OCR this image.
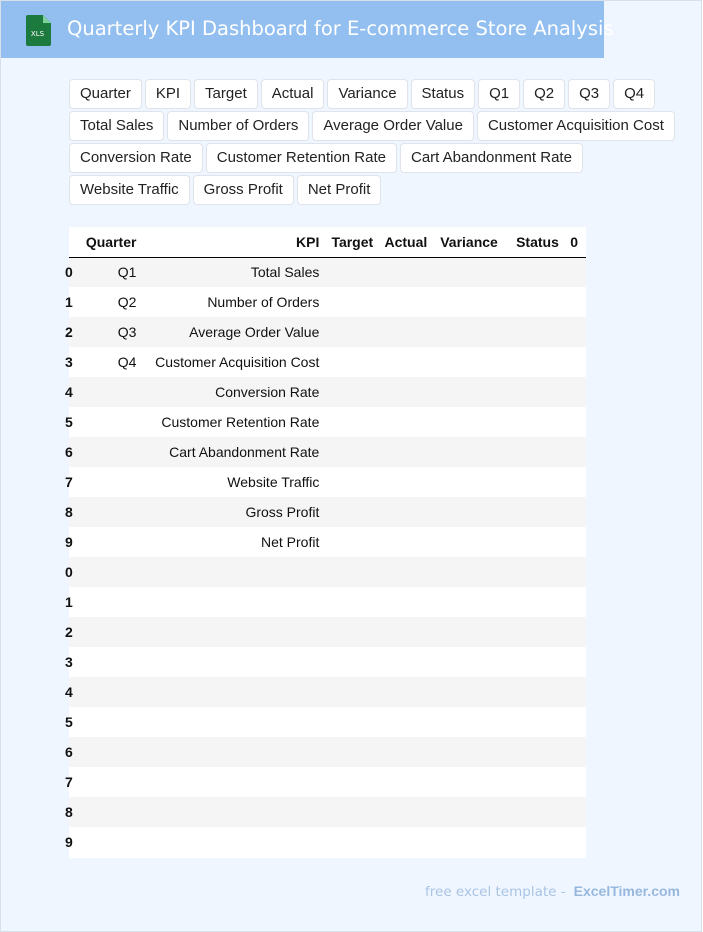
XLS Quarterly KPI Dashboard for E-commerce Store Analysis
Quarter	KPI	Target	Actual	Variance	Status	Q1	Q2	Q3	Q4
Total Sales	Number of Orders	Average Order Value	Customer Acquisition Cost
Conversion Rate	Customer Retention Rate	Cart Abandonment Rate
Website Traffic	Gross Profit	Net Profit
	Quarter	KPI	Target	Actual	Variance	Status	0
0	Q1	Total Sales					
1	Q2	Number of Orders					
2	Q3	Average Order Value					
3	Q4	Customer Acquisition Cost					
4		Conversion Rate					
5		Customer Retention Rate					
6		Cart Abandonment Rate					
7		Website Traffic					
8		Gross Profit					
9		Net Profit					
0							
1							
2							
3							
4							
5							
6							
7							
8							
9							
free excel template - ExcelTimer.com
